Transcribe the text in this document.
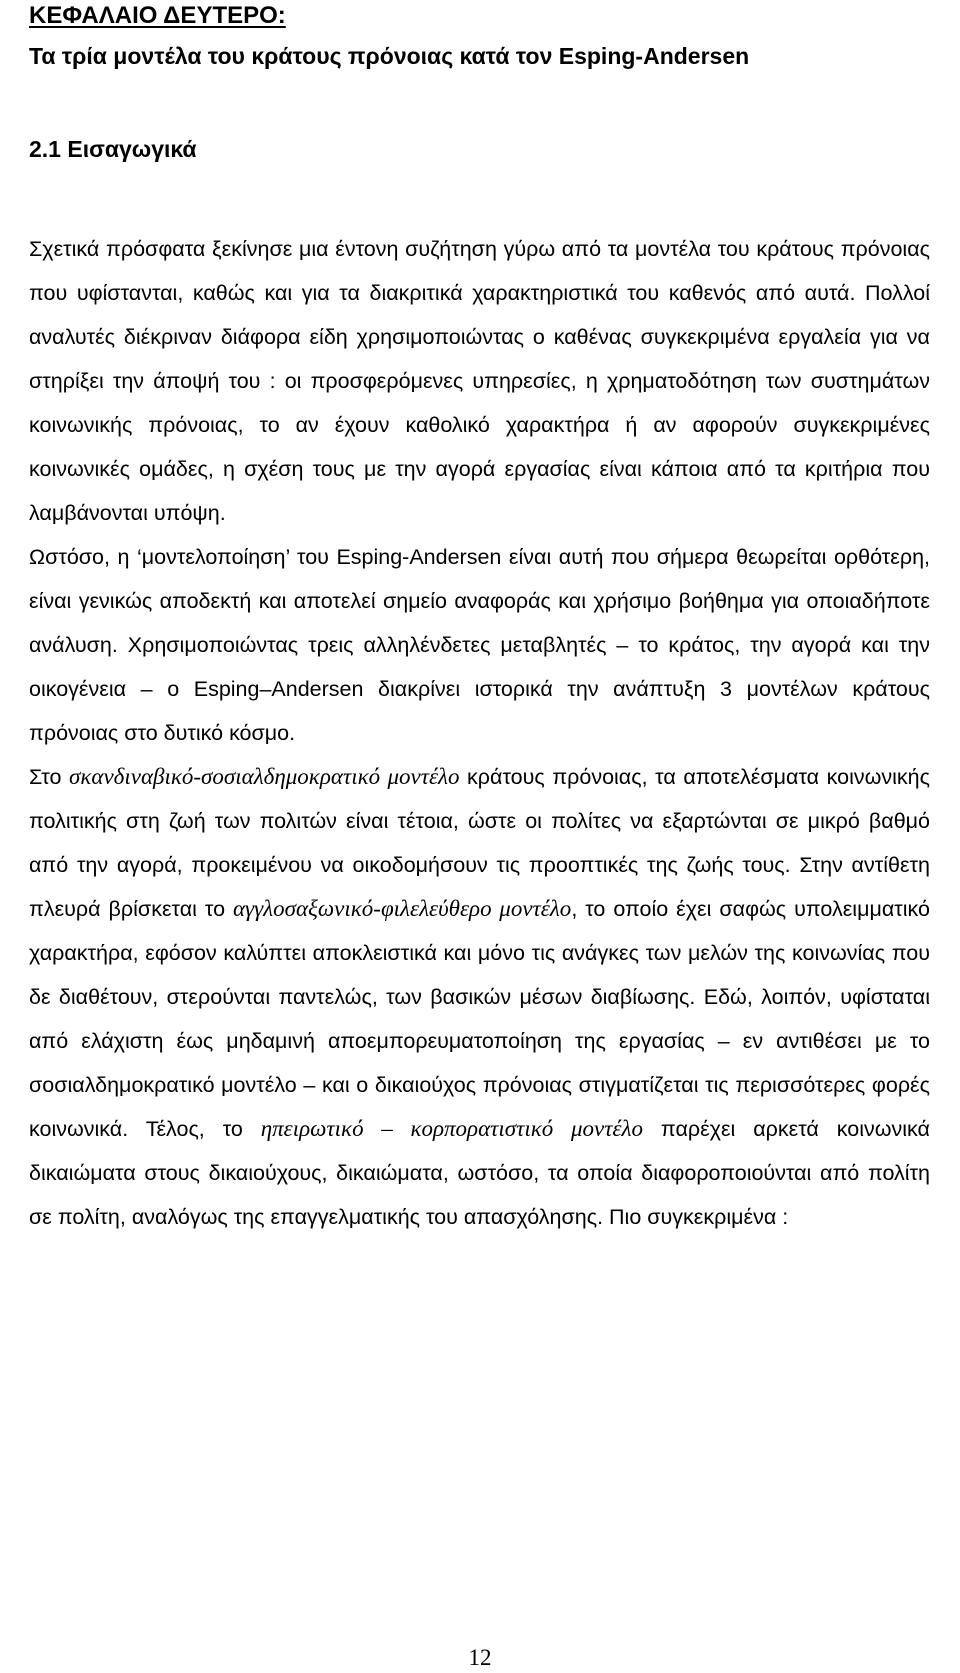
ΚΕΦΑΛΑΙΟ ΔΕΥΤΕΡΟ:
Τα τρία μοντέλα του κράτους πρόνοιας κατά τον Esping-Andersen
2.1 Εισαγωγικά

Σχετικά πρόσφατα ξεκίνησε μια έντονη συζήτηση γύρω από τα μοντέλα του κράτους πρόνοιας που υφίστανται, καθώς και για τα διακριτικά χαρακτηριστικά του καθενός από αυτά. Πολλοί αναλυτές διέκριναν διάφορα είδη χρησιμοποιώντας ο καθένας συγκεκριμένα εργαλεία για να στηρίξει την άποψή του : οι προσφερόμενες υπηρεσίες, η χρηματοδότηση των συστημάτων κοινωνικής πρόνοιας, το αν έχουν καθολικό χαρακτήρα ή αν αφορούν συγκεκριμένες κοινωνικές ομάδες, η σχέση τους με την αγορά εργασίας είναι κάποια από τα κριτήρια που λαμβάνονται υπόψη.

Ωστόσο, η ‘μοντελοποίηση’ του Esping-Andersen είναι αυτή που σήμερα θεωρείται ορθότερη, είναι γενικώς αποδεκτή και αποτελεί σημείο αναφοράς και χρήσιμο βοήθημα για οποιαδήποτε ανάλυση. Χρησιμοποιώντας τρεις αλληλένδετες μεταβλητές – το κράτος, την αγορά και την οικογένεια – ο Esping–Andersen διακρίνει ιστορικά την ανάπτυξη 3 μοντέλων κράτους πρόνοιας στο δυτικό κόσμο.

Στο σκανδιναβικό-σοσιαλδημοκρατικό μοντέλο κράτους πρόνοιας, τα αποτελέσματα κοινωνικής πολιτικής στη ζωή των πολιτών είναι τέτοια, ώστε οι πολίτες να εξαρτώνται σε μικρό βαθμό από την αγορά, προκειμένου να οικοδομήσουν τις προοπτικές της ζωής τους. Στην αντίθετη πλευρά βρίσκεται το αγγλοσαξωνικό-φιλελεύθερο μοντέλο, το οποίο έχει σαφώς υπολειμματικό χαρακτήρα, εφόσον καλύπτει αποκλειστικά και μόνο τις ανάγκες των μελών της κοινωνίας που δε διαθέτουν, στερούνται παντελώς, των βασικών μέσων διαβίωσης. Εδώ, λοιπόν, υφίσταται από ελάχιστη έως μηδαμινή αποεμπορευματοποίηση της εργασίας – εν αντιθέσει με το σοσιαλδημοκρατικό μοντέλο – και ο δικαιούχος πρόνοιας στιγματίζεται τις περισσότερες φορές κοινωνικά. Τέλος, το ηπειρωτικό – κορπορατιστικό μοντέλο παρέχει αρκετά κοινωνικά δικαιώματα στους δικαιούχους, δικαιώματα, ωστόσο, τα οποία διαφοροποιούνται από πολίτη σε πολίτη, αναλόγως της επαγγελματικής του απασχόλησης. Πιο συγκεκριμένα :

12
